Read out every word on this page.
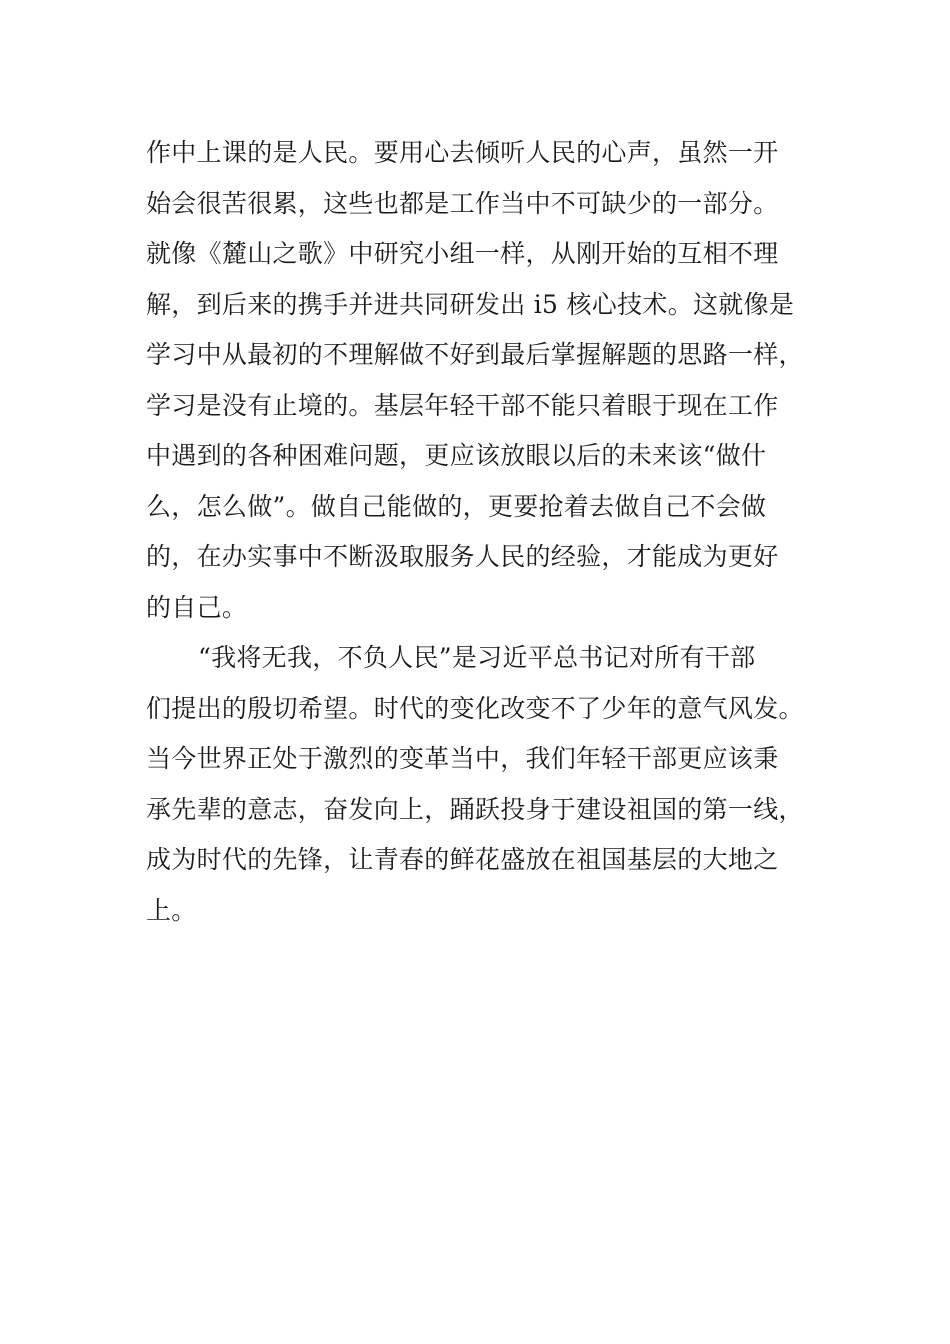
作中上课的是人民。要用心去倾听人民的心声，虽然一开
始会很苦很累，这些也都是工作当中不可缺少的一部分。
就像《麓山之歌》中研究小组一样，从刚开始的互相不理
解，到后来的携手并进共同研发出 i5 核心技术。这就像是
学习中从最初的不理解做不好到最后掌握解题的思路一样，
学习是没有止境的。基层年轻干部不能只着眼于现在工作
中遇到的各种困难问题，更应该放眼以后的未来该“做什
么，怎么做”。做自己能做的，更要抢着去做自己不会做
的，在办实事中不断汲取服务人民的经验，才能成为更好
的自己。
“我将无我，不负人民”是习近平总书记对所有干部
们提出的殷切希望。时代的变化改变不了少年的意气风发。
当今世界正处于激烈的变革当中，我们年轻干部更应该秉
承先辈的意志，奋发向上，踊跃投身于建设祖国的第一线，
成为时代的先锋，让青春的鲜花盛放在祖国基层的大地之
上。
